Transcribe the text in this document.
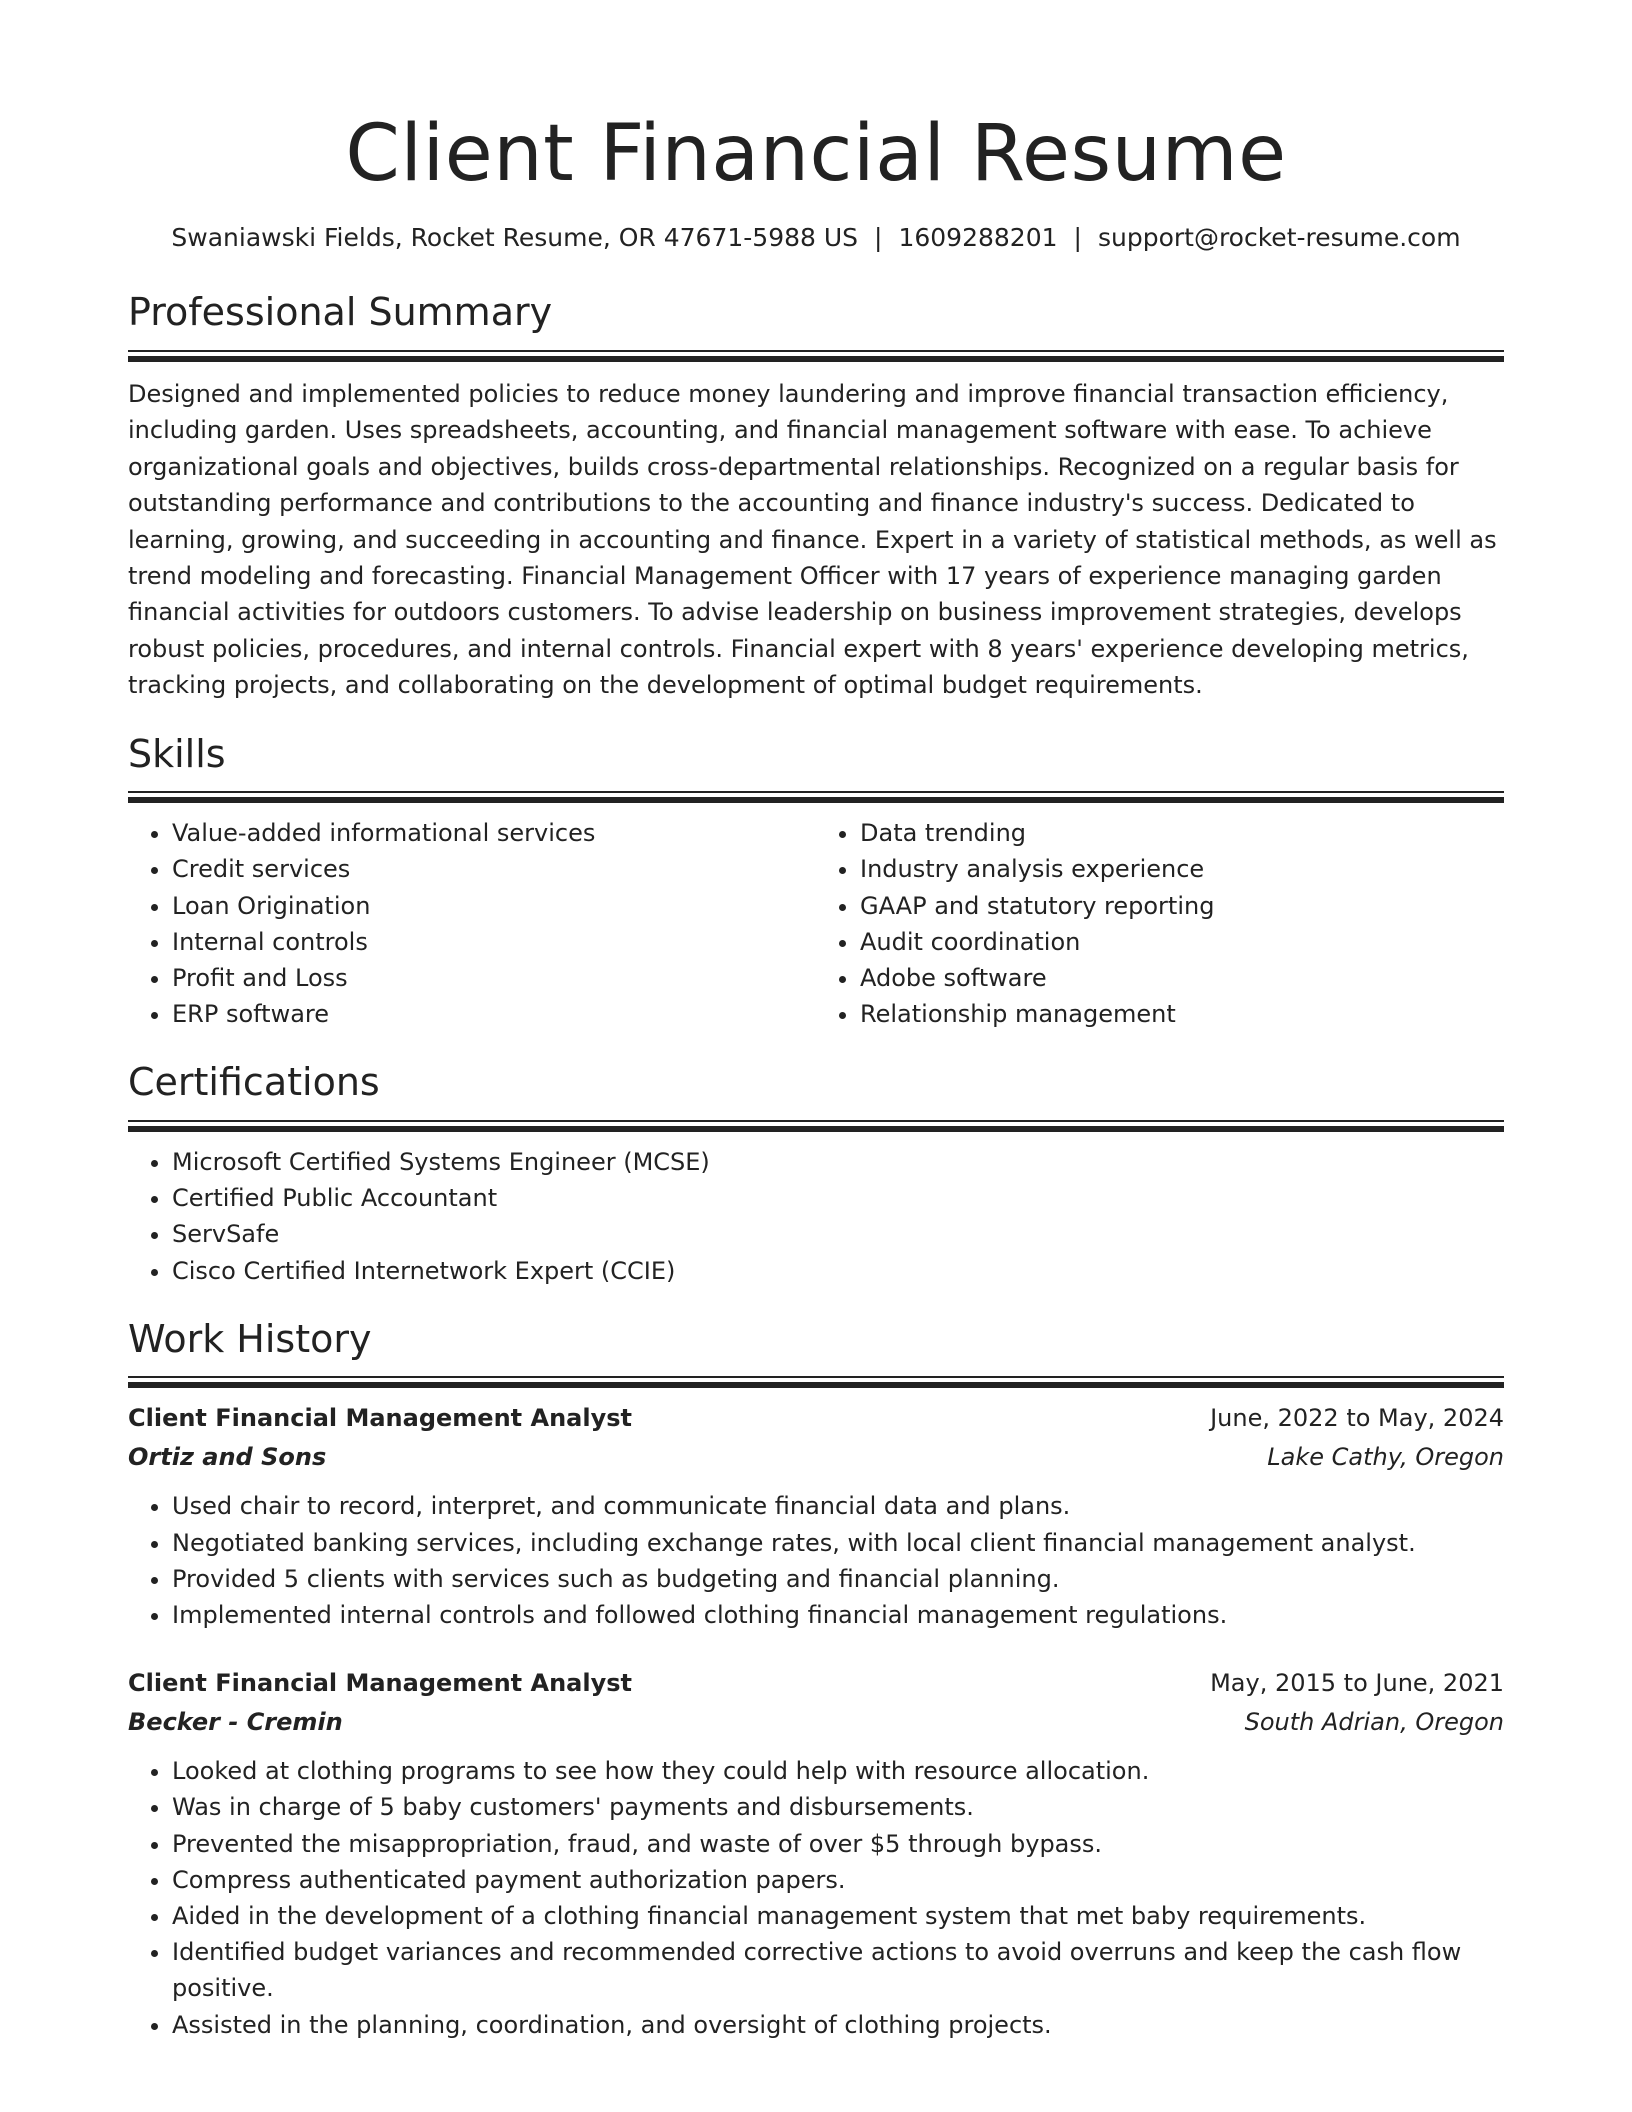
Client Financial Resume
Swaniawski Fields, Rocket Resume, OR 47671-5988 US | 1609288201 | support@rocket-resume.com
Professional Summary

Designed and implemented policies to reduce money laundering and improve financial transaction efficiency, including garden. Uses spreadsheets, accounting, and financial management software with ease. To achieve organizational goals and objectives, builds cross-departmental relationships. Recognized on a regular basis for outstanding performance and contributions to the accounting and finance industry's success. Dedicated to learning, growing, and succeeding in accounting and finance. Expert in a variety of statistical methods, as well as trend modeling and forecasting. Financial Management Officer with 17 years of experience managing garden financial activities for outdoors customers. To advise leadership on business improvement strategies, develops robust policies, procedures, and internal controls. Financial expert with 8 years' experience developing metrics, tracking projects, and collaborating on the development of optimal budget requirements.

Skills
• Value-added informational services
• Credit services
• Loan Origination
• Internal controls
• Profit and Loss
• ERP software
• Data trending
• Industry analysis experience
• GAAP and statutory reporting
• Audit coordination
• Adobe software
• Relationship management
Certifications
• Microsoft Certified Systems Engineer (MCSE)
• Certified Public Accountant
• ServSafe
• Cisco Certified Internetwork Expert (CCIE)
Work History
Client Financial Management Analyst	June, 2022 to May, 2024
Ortiz and Sons	Lake Cathy, Oregon
• Used chair to record, interpret, and communicate financial data and plans.
• Negotiated banking services, including exchange rates, with local client financial management analyst.
• Provided 5 clients with services such as budgeting and financial planning.
• Implemented internal controls and followed clothing financial management regulations.
Client Financial Management Analyst	May, 2015 to June, 2021
Becker - Cremin	South Adrian, Oregon
• Looked at clothing programs to see how they could help with resource allocation.
• Was in charge of 5 baby customers' payments and disbursements.
• Prevented the misappropriation, fraud, and waste of over $5 through bypass.
• Compress authenticated payment authorization papers.
• Aided in the development of a clothing financial management system that met baby requirements.
• Identified budget variances and recommended corrective actions to avoid overruns and keep the cash flow positive.
• Assisted in the planning, coordination, and oversight of clothing projects.
